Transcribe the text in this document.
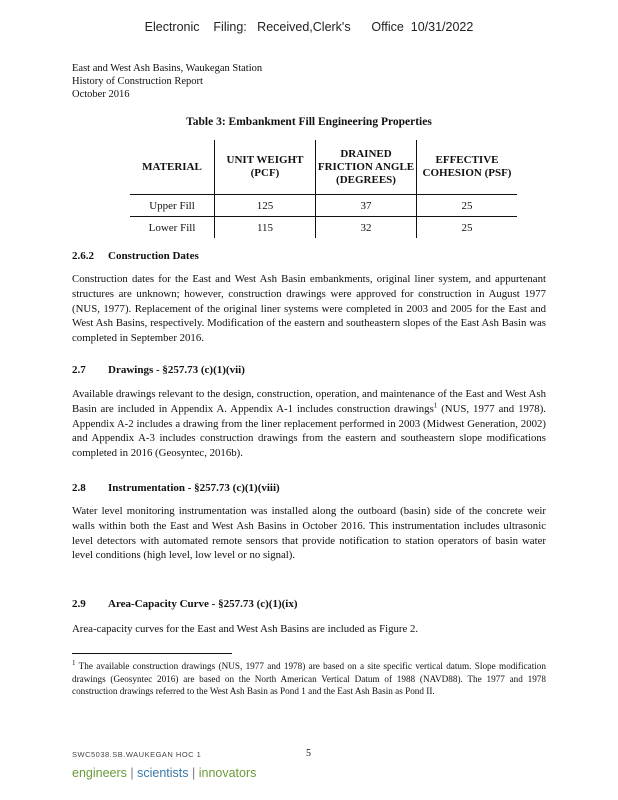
Electronic    Filing:   Received,Clerk's      Office  10/31/2022
East and West Ash Basins, Waukegan Station
History of Construction Report
October 2016
Table 3: Embankment Fill Engineering Properties
MATERIAL	UNIT WEIGHT (PCF)	DRAINED FRICTION ANGLE (DEGREES)	EFFECTIVE COHESION (PSF)
Upper Fill	125	37	25
Lower Fill	115	32	25
2.6.2 Construction Dates
Construction dates for the East and West Ash Basin embankments, original liner system, and appurtenant structures are unknown; however, construction drawings were approved for construction in August 1977 (NUS, 1977). Replacement of the original liner systems were completed in 2003 and 2005 for the East and West Ash Basins, respectively. Modification of the eastern and southeastern slopes of the East Ash Basin was completed in September 2016.
2.7 Drawings - §257.73 (c)(1)(vii)
Available drawings relevant to the design, construction, operation, and maintenance of the East and West Ash Basin are included in Appendix A. Appendix A-1 includes construction drawings$^1$ (NUS, 1977 and 1978). Appendix A-2 includes a drawing from the liner replacement performed in 2003 (Midwest Generation, 2002) and Appendix A-3 includes construction drawings from the eastern and southeastern slope modifications completed in 2016 (Geosyntec, 2016b).
2.8 Instrumentation - §257.73 (c)(1)(viii)
Water level monitoring instrumentation was installed along the outboard (basin) side of the concrete weir walls within both the East and West Ash Basins in October 2016. This instrumentation includes ultrasonic level detectors with automated remote sensors that provide notification to station operators of basin water level conditions (high level, low level or no signal).
2.9 Area-Capacity Curve - §257.73 (c)(1)(ix)
Area-capacity curves for the East and West Ash Basins are included as Figure 2.
$^1$ The available construction drawings (NUS, 1977 and 1978) are based on a site specific vertical datum. Slope modification drawings (Geosyntec 2016) are based on the North American Vertical Datum of 1988 (NAVD88). The 1977 and 1978 construction drawings referred to the West Ash Basin as Pond 1 and the East Ash Basin as Pond II.
SWC5038.SB.WAUKEGAN HOC 1	5
engineers | scientists | innovators
